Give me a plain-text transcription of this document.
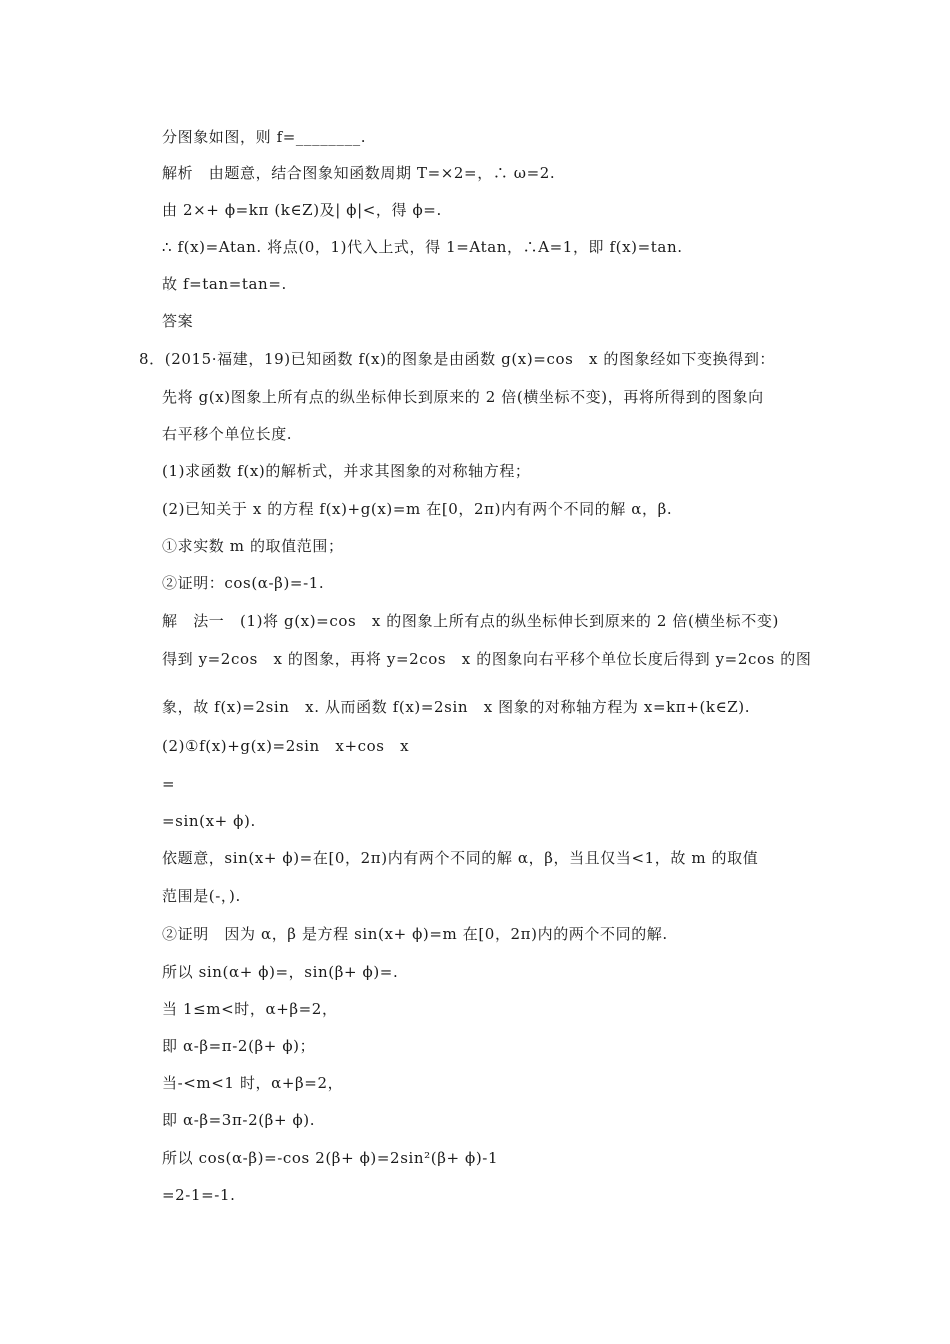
分图象如图，则 f=________.
解析　由题意，结合图象知函数周期 T=×2=，∴ ω=2.
由 2×+ ϕ=kπ (k∈Z)及| ϕ|<，得 ϕ=.
∴ f(x)=Atan. 将点(0，1)代入上式，得 1=Atan，∴A=1，即 f(x)=tan.
故 f=tan=tan=.
答案
8．(2015·福建，19)已知函数 f(x)的图象是由函数 g(x)=cos　x 的图象经如下变换得到：
先将 g(x)图象上所有点的纵坐标伸长到原来的 2 倍(横坐标不变)，再将所得到的图象向
右平移个单位长度.
(1)求函数 f(x)的解析式，并求其图象的对称轴方程；
(2)已知关于 x 的方程 f(x)+g(x)=m 在[0，2π)内有两个不同的解 α，β.
①求实数 m 的取值范围；
②证明：cos(α-β)=-1.
解　法一　(1)将 g(x)=cos　x 的图象上所有点的纵坐标伸长到原来的 2 倍(横坐标不变)
得到 y=2cos　x 的图象，再将 y=2cos　x 的图象向右平移个单位长度后得到 y=2cos 的图
象，故 f(x)=2sin　x. 从而函数 f(x)=2sin　x 图象的对称轴方程为 x=kπ+(k∈Z).
(2)①f(x)+g(x)=2sin　x+cos　x
=
=sin(x+ ϕ).
依题意，sin(x+ ϕ)=在[0，2π)内有两个不同的解 α，β，当且仅当<1，故 m 的取值
范围是(-，).
②证明　因为 α，β 是方程 sin(x+ ϕ)=m 在[0，2π)内的两个不同的解.
所以 sin(α+ ϕ)=，sin(β+ ϕ)=.
当 1≤m<时，α+β=2，
即 α-β=π-2(β+ ϕ)；
当-<m<1 时，α+β=2，
即 α-β=3π-2(β+ ϕ).
所以 cos(α-β)=-cos 2(β+ ϕ)=2sin²(β+ ϕ)-1
=2-1=-1.
